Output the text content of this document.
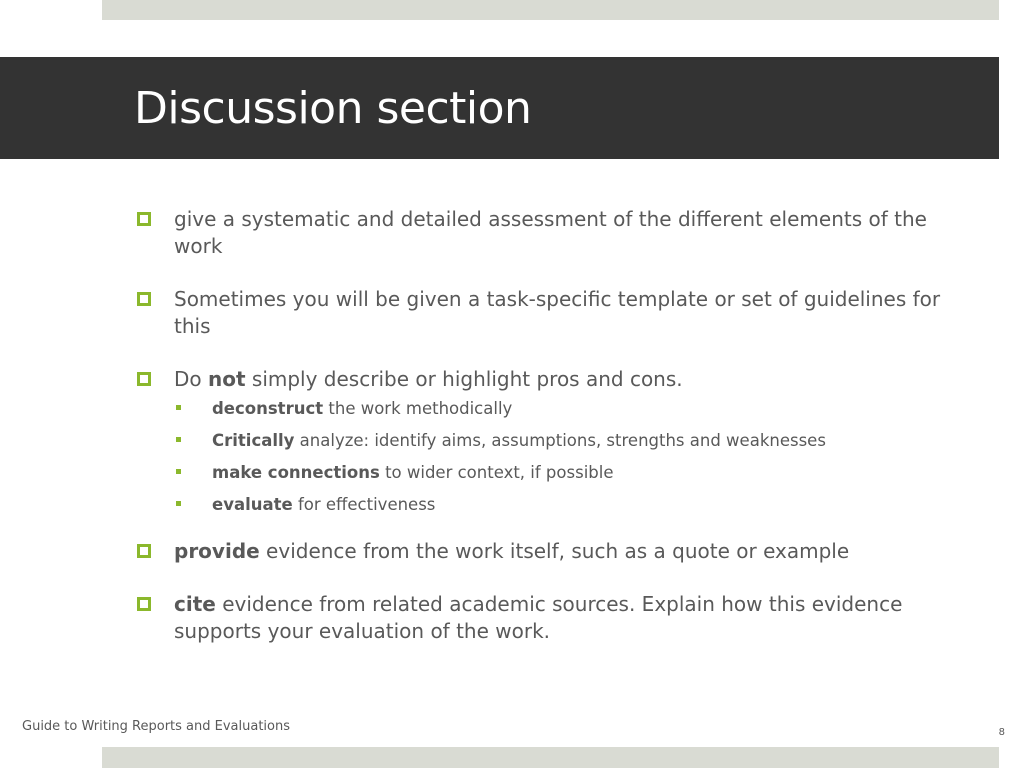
Discussion section
give a systematic and detailed assessment of the different elements of the work
Sometimes you will be given a task-specific template or set of guidelines for this
Do not simply describe or highlight pros and cons.
deconstruct the work methodically
Critically analyze: identify aims, assumptions, strengths and weaknesses
make connections to wider context, if possible
evaluate for effectiveness
provide evidence from the work itself, such as a quote or example
cite evidence from related academic sources. Explain how this evidence supports your evaluation of the work.
Guide to Writing Reports and Evaluations	8
